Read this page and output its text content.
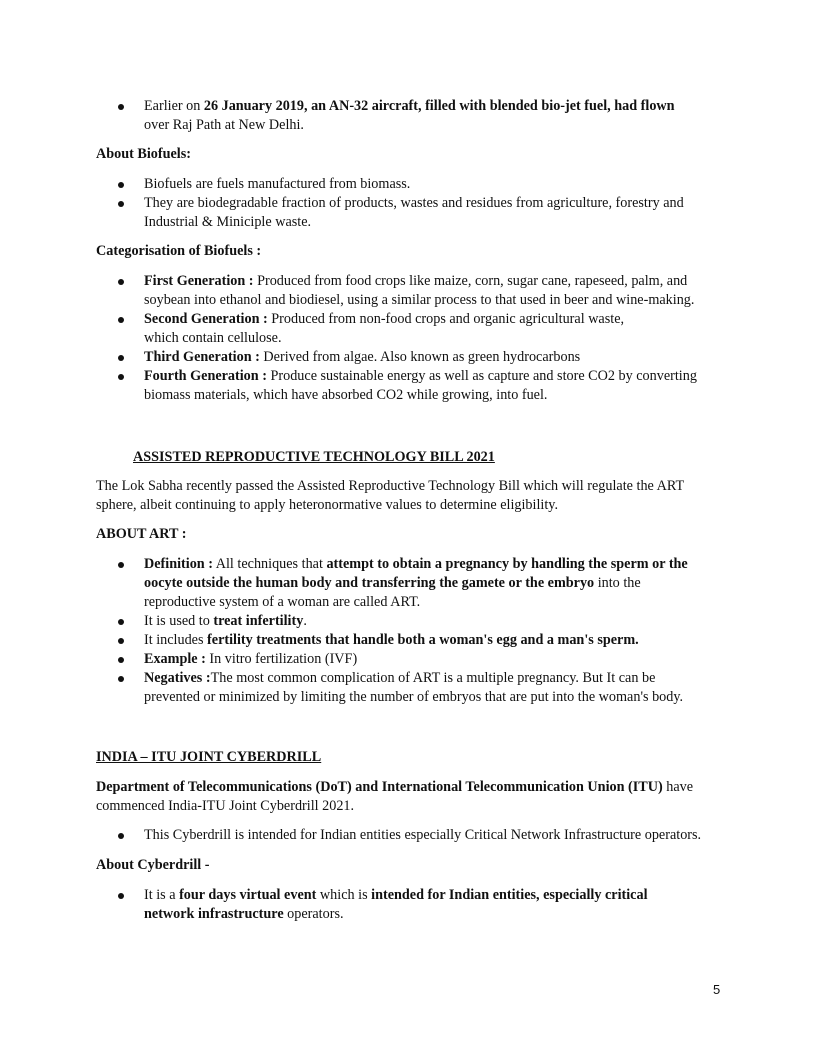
Earlier on 26 January 2019, an AN-32 aircraft, filled with blended bio-jet fuel, had flown
over Raj Path at New Delhi.
About Biofuels:
Biofuels are fuels manufactured from biomass.
They are biodegradable fraction of products, wastes and residues from agriculture, forestry and
Industrial & Miniciple waste.
Categorisation of Biofuels :
First Generation : Produced from food crops like maize, corn, sugar cane, rapeseed, palm, and
soybean into ethanol and biodiesel, using a similar process to that used in beer and wine-making.
Second Generation : Produced from non-food crops and organic agricultural waste,
which contain cellulose.
Third Generation : Derived from algae. Also known as green hydrocarbons
Fourth Generation : Produce sustainable energy as well as capture and store CO2 by converting
biomass materials, which have absorbed CO2 while growing, into fuel.
ASSISTED REPRODUCTIVE TECHNOLOGY BILL 2021
The Lok Sabha recently passed the Assisted Reproductive Technology Bill which will regulate the ART
sphere, albeit continuing to apply heteronormative values to determine eligibility.
ABOUT ART :
Definition : All techniques that attempt to obtain a pregnancy by handling the sperm or the
oocyte outside the human body and transferring the gamete or the embryo into the
reproductive system of a woman are called ART.
It is used to treat infertility.
It includes fertility treatments that handle both a woman's egg and a man's sperm.
Example : In vitro fertilization (IVF)
Negatives :The most common complication of ART is a multiple pregnancy. But It can be
prevented or minimized by limiting the number of embryos that are put into the woman's body.
INDIA – ITU JOINT CYBERDRILL
Department of Telecommunications (DoT) and International Telecommunication Union (ITU) have
commenced India-ITU Joint Cyberdrill 2021.
This Cyberdrill is intended for Indian entities especially Critical Network Infrastructure operators.
About Cyberdrill -
It is a four days virtual event which is intended for Indian entities, especially critical
network infrastructure operators.
5
